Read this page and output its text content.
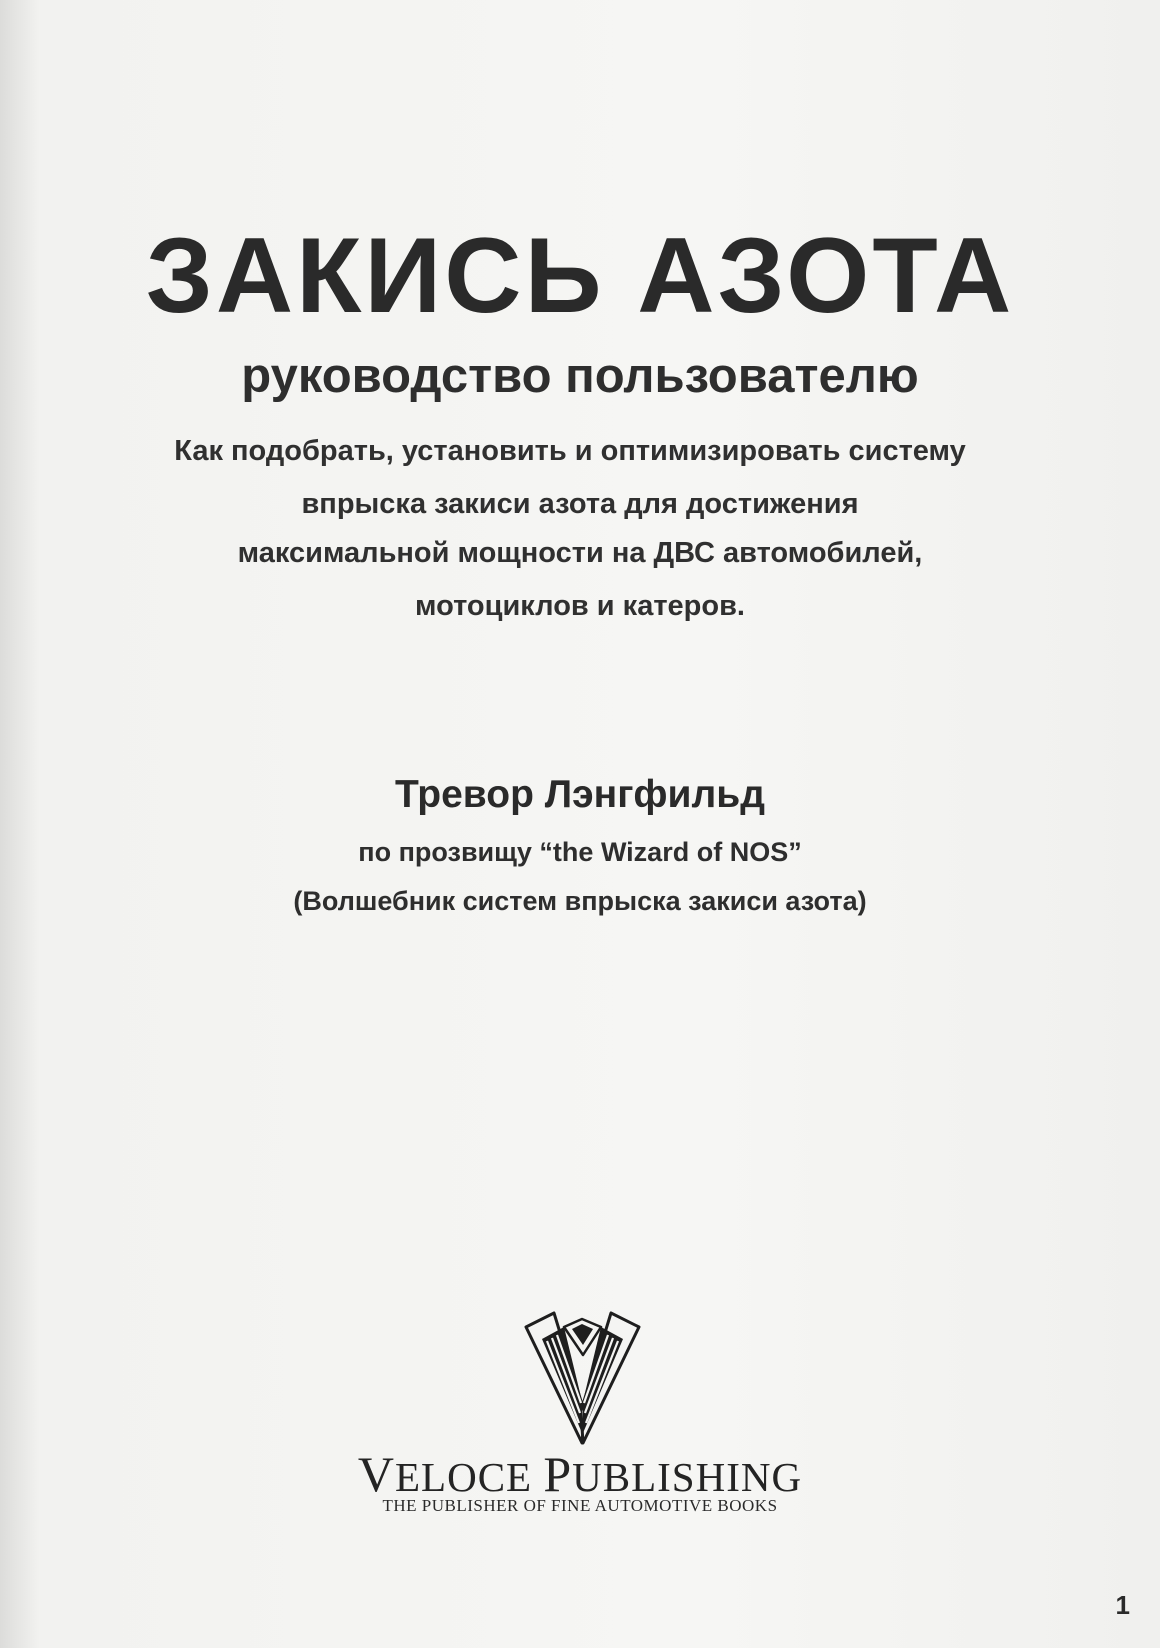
ЗАКИСЬ АЗОТА
руководство пользователю

Как подобрать, установить и оптимизировать систему

впрыска закиси азота для достижения

максимальной мощности на ДВС автомобилей,

мотоциклов и катеров.

Тревор Лэнгфильд

по прозвищу “the Wizard of NOS”

(Волшебник систем впрыска закиси азота)

VELOCE PUBLISHING
THE PUBLISHER OF FINE AUTOMOTIVE BOOKS
1
